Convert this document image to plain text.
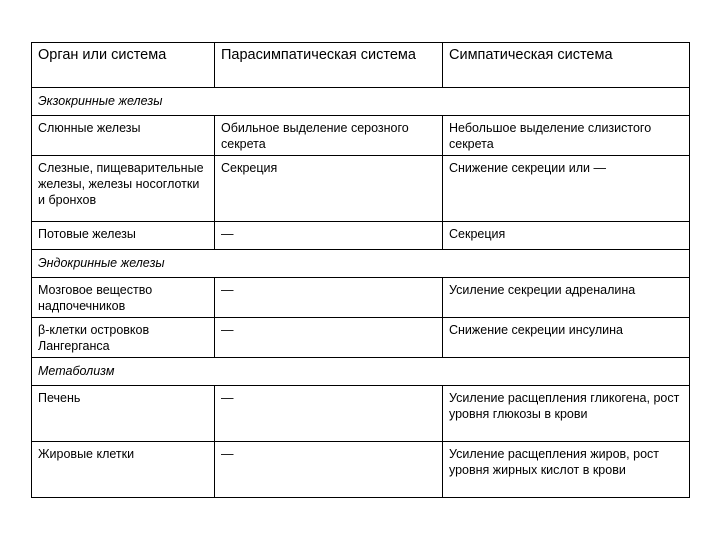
Орган или система	Парасимпатическая система	Симпатическая система
Экзокринные железы		

Слюнные железы	Обильное выделение серозного секрета	Небольшое выделение слизистого секрета

Слезные, пищеварительные железы, железы носоглотки и бронхов	Секреция	Снижение секреции или —

Потовые железы	—	Секреция

Эндокринные железы		

Мозговое вещество надпочечников	—	Усиление секреции адреналина

β-клетки островков Лангерганса	—	Снижение секреции инсулина

Метаболизм		

Печень	—	Усиление расщепления гликогена, рост уровня глюкозы в крови

Жировые клетки	—	Усиление расщепления жиров, рост уровня жирных кислот в крови
